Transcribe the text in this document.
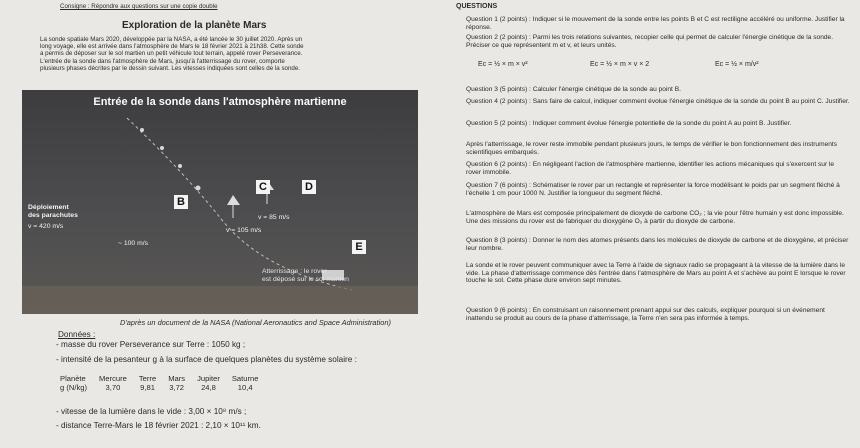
Consigne : Répondre aux questions sur une copie double
Exploration de la planète Mars
La sonde spatiale Mars 2020, développée par la NASA, a été lancée le 30 juillet 2020. Après un
long voyage, elle est arrivée dans l'atmosphère de Mars le 18 février 2021 à 21h38. Cette sonde
a permis de déposer sur le sol martien un petit véhicule tout terrain, appelé rover Perseverance.
L'entrée de la sonde dans l'atmosphère de Mars, jusqu'à l'atterrissage du rover, comporte
plusieurs phases décrites par le dessin suivant. Les vitesses indiquées sont celles de la sonde.
Entrée de la sonde dans l'atmosphère martienne
B
C	D
E
Déploiement
des parachutes
v = 420 m/s
v = 85 m/s
v = 105 m/s
~ 100 m/s
Atterrissage : le rover
est déposé sur le sol martien
D'après un document de la NASA (National Aeronautics and Space Administration)
Données :
- masse du rover Perseverance sur Terre : 1050 kg ;
- intensité de la pesanteur g à la surface de quelques planètes du système solaire :
Planète	Mercure	Terre	Mars	Jupiter	Saturne
g (N/kg)	3,70	9,81	3,72	24,8	10,4
- vitesse de la lumière dans le vide : 3,00 × 10⁸ m/s ;
- distance Terre-Mars le 18 février 2021 : 2,10 × 10¹¹ km.
QUESTIONS
Question 1 (2 points) : Indiquer si le mouvement de la sonde entre les points B et C est rectiligne accéléré ou uniforme. Justifier la réponse.
Question 2 (2 points) : Parmi les trois relations suivantes, recopier celle qui permet de calculer l'énergie cinétique de la sonde. Préciser ce que représentent m et v, et leurs unités.
Ec = ½ × m × v²	Ec = ½ × m × v × 2	Ec = ½ × m/v²
Question 3 (5 points) : Calculer l'énergie cinétique de la sonde au point B.
Question 4 (2 points) : Sans faire de calcul, indiquer comment évolue l'énergie cinétique de la sonde du point B au point C. Justifier.
Question 5 (2 points) : Indiquer comment évolue l'énergie potentielle de la sonde du point A au point B. Justifier.
Après l'atterrissage, le rover reste immobile pendant plusieurs jours, le temps de vérifier le bon fonctionnement des instruments scientifiques embarqués.
Question 6 (2 points) : En négligeant l'action de l'atmosphère martienne, identifier les actions mécaniques qui s'exercent sur le rover immobile.
Question 7 (6 points) : Schématiser le rover par un rectangle et représenter la force modélisant le poids par un segment fléché à l'échelle 1 cm pour 1000 N. Justifier la longueur du segment fléché.
L'atmosphère de Mars est composée principalement de dioxyde de carbone CO₂ ; la vie pour l'être humain y est donc impossible. Une des missions du rover est de fabriquer du dioxygène O₂ à partir du dioxyde de carbone.
Question 8 (3 points) : Donner le nom des atomes présents dans les molécules de dioxyde de carbone et de dioxygène, et préciser leur nombre.
La sonde et le rover peuvent communiquer avec la Terre à l'aide de signaux radio se propageant à la vitesse de la lumière dans le vide. La phase d'atterrissage commence dès l'entrée dans l'atmosphère de Mars au point A et s'achève au point E lorsque le rover touche le sol. Cette phase dure environ sept minutes.
Question 9 (6 points) : En construisant un raisonnement prenant appui sur des calculs, expliquer pourquoi si un événement inattendu se produit au cours de la phase d'atterrissage, la Terre n'en sera pas informée à temps.
